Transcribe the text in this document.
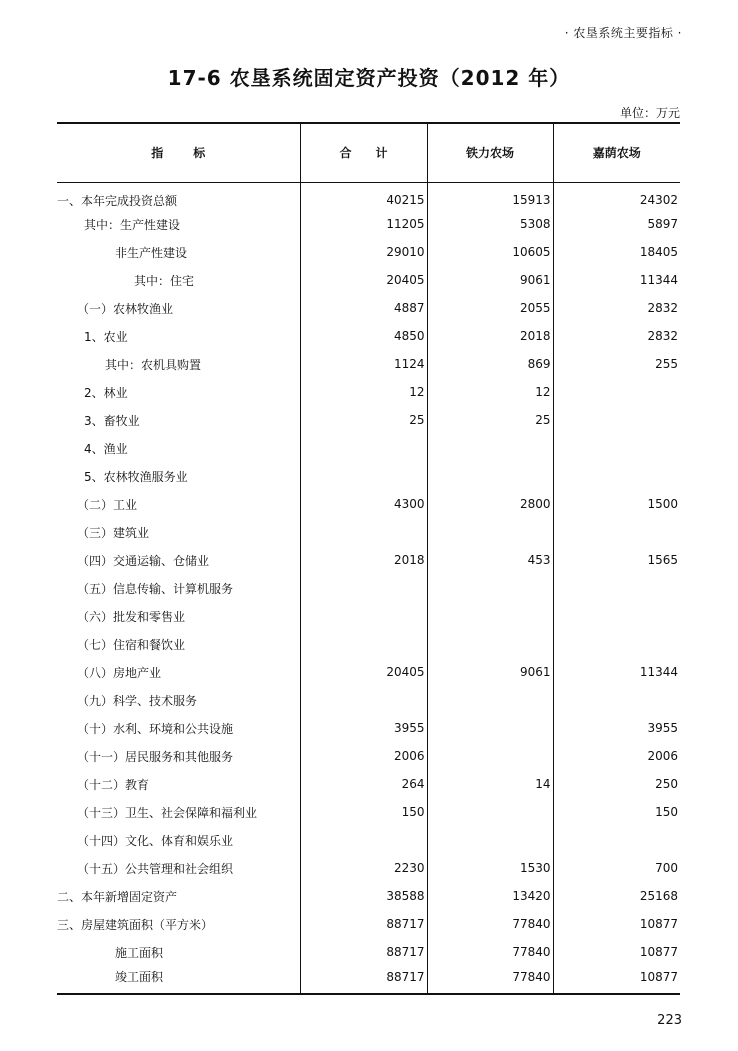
· 农垦系统主要指标 ·
17-6 农垦系统固定资产投资（2012 年）
单位：万元
指标	合计	铁力农场	嘉荫农场
一、本年完成投资总额	40215	15913	24302
其中：生产性建设	11205	5308	5897
非生产性建设	29010	10605	18405
其中：住宅	20405	9061	11344
（一）农林牧渔业	4887	2055	2832
1、农业	4850	2018	2832
其中：农机具购置	1124	869	255
2、林业	12	12	
3、畜牧业	25	25	
4、渔业			
5、农林牧渔服务业			
（二）工业	4300	2800	1500
（三）建筑业			
（四）交通运输、仓储业	2018	453	1565
（五）信息传输、计算机服务			
（六）批发和零售业			
（七）住宿和餐饮业			
（八）房地产业	20405	9061	11344
（九）科学、技术服务			
（十）水利、环境和公共设施	3955		3955
（十一）居民服务和其他服务	2006		2006
（十二）教育	264	14	250
（十三）卫生、社会保障和福利业	150		150
（十四）文化、体育和娱乐业			
（十五）公共管理和社会组织	2230	1530	700
二、本年新增固定资产	38588	13420	25168
三、房屋建筑面积（平方米）	88717	77840	10877
施工面积	88717	77840	10877
竣工面积	88717	77840	10877
223
